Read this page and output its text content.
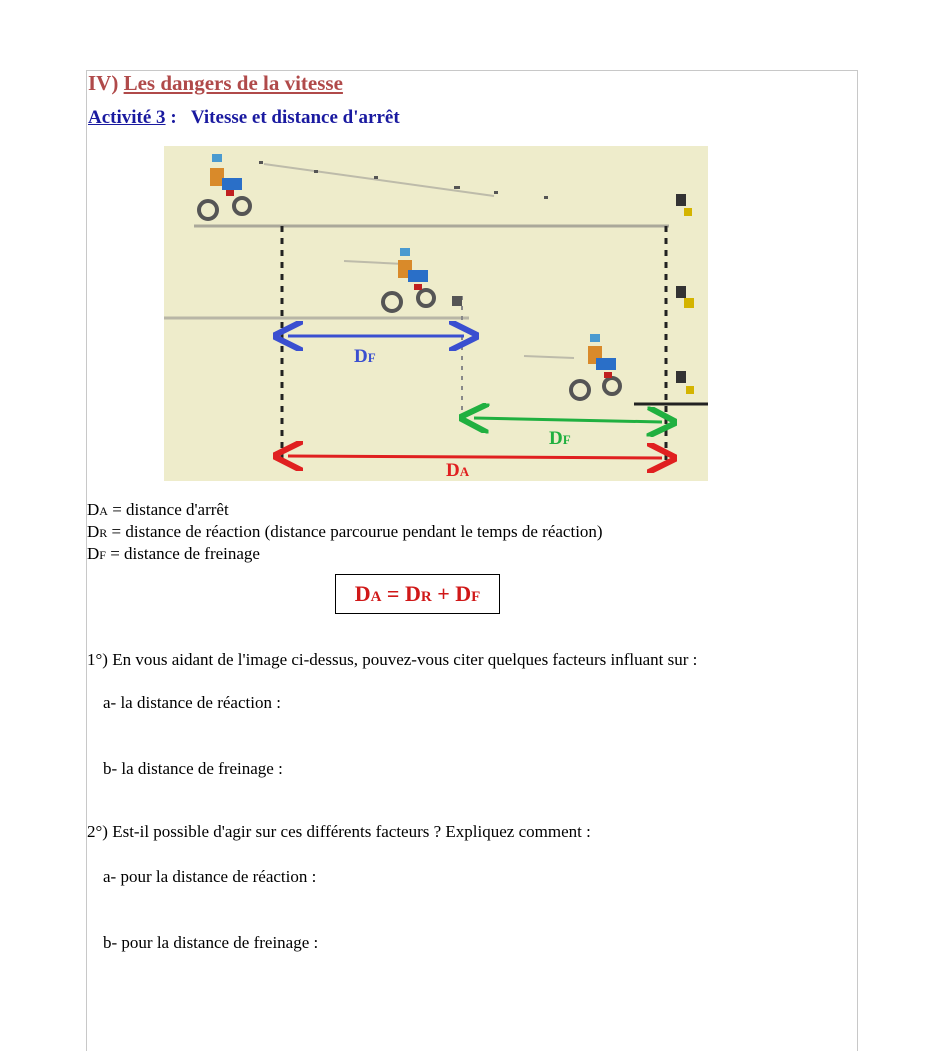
IV) Les dangers de la vitesse
Activité 3 : Vitesse et distance d'arrêt
DF
DF
DA
DA = distance d'arrêt
DR = distance de réaction (distance parcourue pendant le temps de réaction)
DF = distance de freinage
DA = DR + DF
1°) En vous aidant de l'image ci-dessus, pouvez-vous citer quelques facteurs influant sur :
a- la distance de réaction :
b- la distance de freinage :
2°) Est-il possible d'agir sur ces différents facteurs ? Expliquez comment :
a- pour la distance de réaction :
b- pour la distance de freinage :
